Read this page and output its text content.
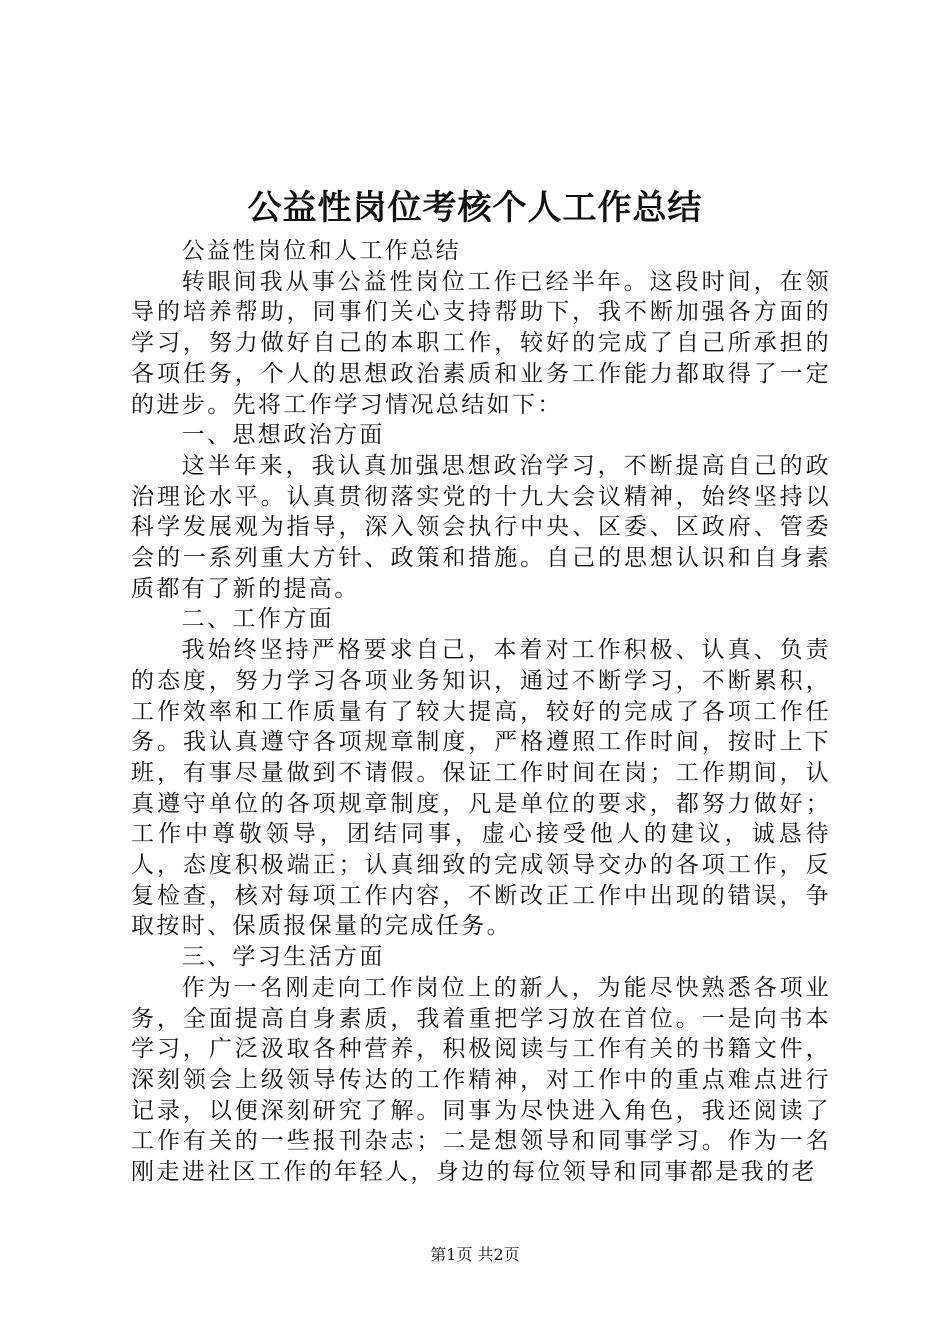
公益性岗位考核个人工作总结

公益性岗位和人工作总结

转眼间我从事公益性岗位工作已经半年。这段时间，在领导的培养帮助，同事们关心支持帮助下，我不断加强各方面的学习，努力做好自己的本职工作，较好的完成了自己所承担的各项任务，个人的思想政治素质和业务工作能力都取得了一定的进步。先将工作学习情况总结如下：

一、思想政治方面

这半年来，我认真加强思想政治学习，不断提高自己的政治理论水平。认真贯彻落实党的十九大会议精神，始终坚持以科学发展观为指导，深入领会执行中央、区委、区政府、管委会的一系列重大方针、政策和措施。自己的思想认识和自身素质都有了新的提高。

二、工作方面

我始终坚持严格要求自己，本着对工作积极、认真、负责的态度，努力学习各项业务知识，通过不断学习，不断累积，工作效率和工作质量有了较大提高，较好的完成了各项工作任务。我认真遵守各项规章制度，严格遵照工作时间，按时上下班，有事尽量做到不请假。保证工作时间在岗；工作期间，认真遵守单位的各项规章制度，凡是单位的要求，都努力做好；工作中尊敬领导，团结同事，虚心接受他人的建议，诚恳待人，态度积极端正；认真细致的完成领导交办的各项工作，反复检查，核对每项工作内容，不断改正工作中出现的错误，争取按时、保质报保量的完成任务。

三、学习生活方面

作为一名刚走向工作岗位上的新人，为能尽快熟悉各项业务，全面提高自身素质，我着重把学习放在首位。一是向书本学习，广泛汲取各种营养，积极阅读与工作有关的书籍文件，深刻领会上级领导传达的工作精神，对工作中的重点难点进行记录，以便深刻研究了解。同事为尽快进入角色，我还阅读了工作有关的一些报刊杂志；二是想领导和同事学习。作为一名刚走进社区工作的年轻人，身边的每位领导和同事都是我的老

第1页 共2页
